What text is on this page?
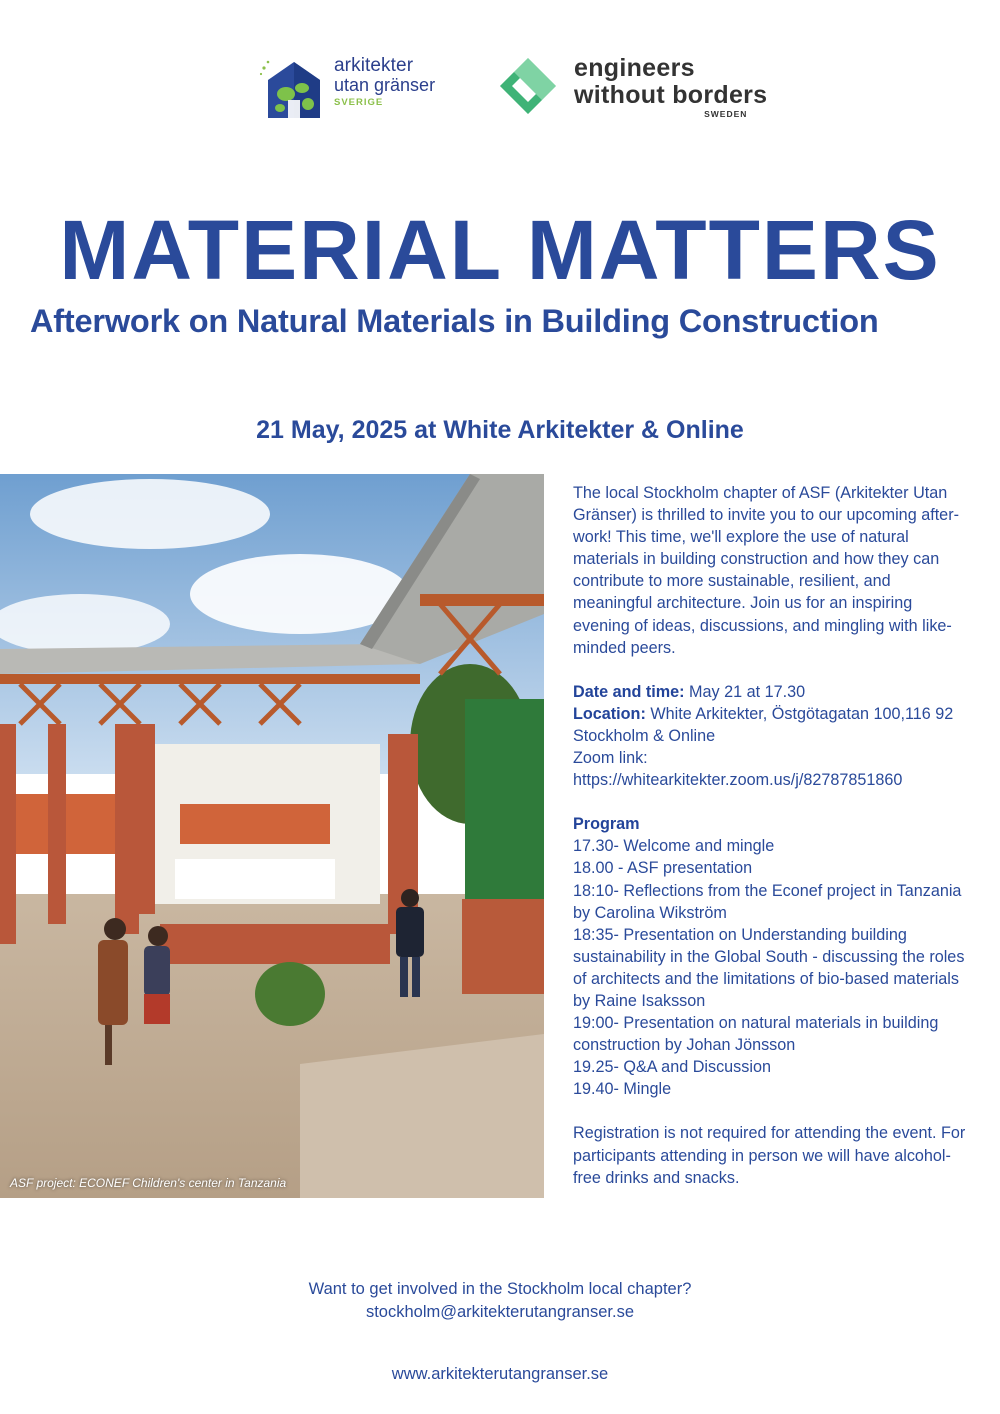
arkitekter
utan gränser
SVERIGE
engineers
without borders
SWEDEN
MATERIAL MATTERS
Afterwork on Natural Materials in Building Construction
21 May, 2025 at White Arkitekter & Online
ASF project: ECONEF Children's center in Tanzania

The local Stockholm chapter of ASF (Arkitekter Utan Gränser) is thrilled to invite you to our upcoming after-work! This time, we'll explore the use of natural materials in building construction and how they can contribute to more sustainable, resilient, and meaningful architecture. Join us for an inspiring evening of ideas, discussions, and mingling with like-minded peers.

Date and time: May 21 at 17.30

Location: White Arkitekter, Östgötagatan 100,116 92 Stockholm & Online

Zoom link:

https://whitearkitekter.zoom.us/j/82787851860

Program

17.30- Welcome and mingle
18.00 - ASF presentation
18:10- Reflections from the Econef project in Tanzania by Carolina Wikström
18:35- Presentation on Understanding building sustainability in the Global South - discussing the roles of architects and the limitations of bio-based materials by Raine Isaksson
19:00- Presentation on natural materials in building construction by Johan Jönsson
19.25- Q&A and Discussion
19.40- Mingle

Registration is not required for attending the event. For participants attending in person we will have alcohol-free drinks and snacks.

Want to get involved in the Stockholm local chapter?
stockholm@arkitekterutangranser.se
www.arkitekterutangranser.se
